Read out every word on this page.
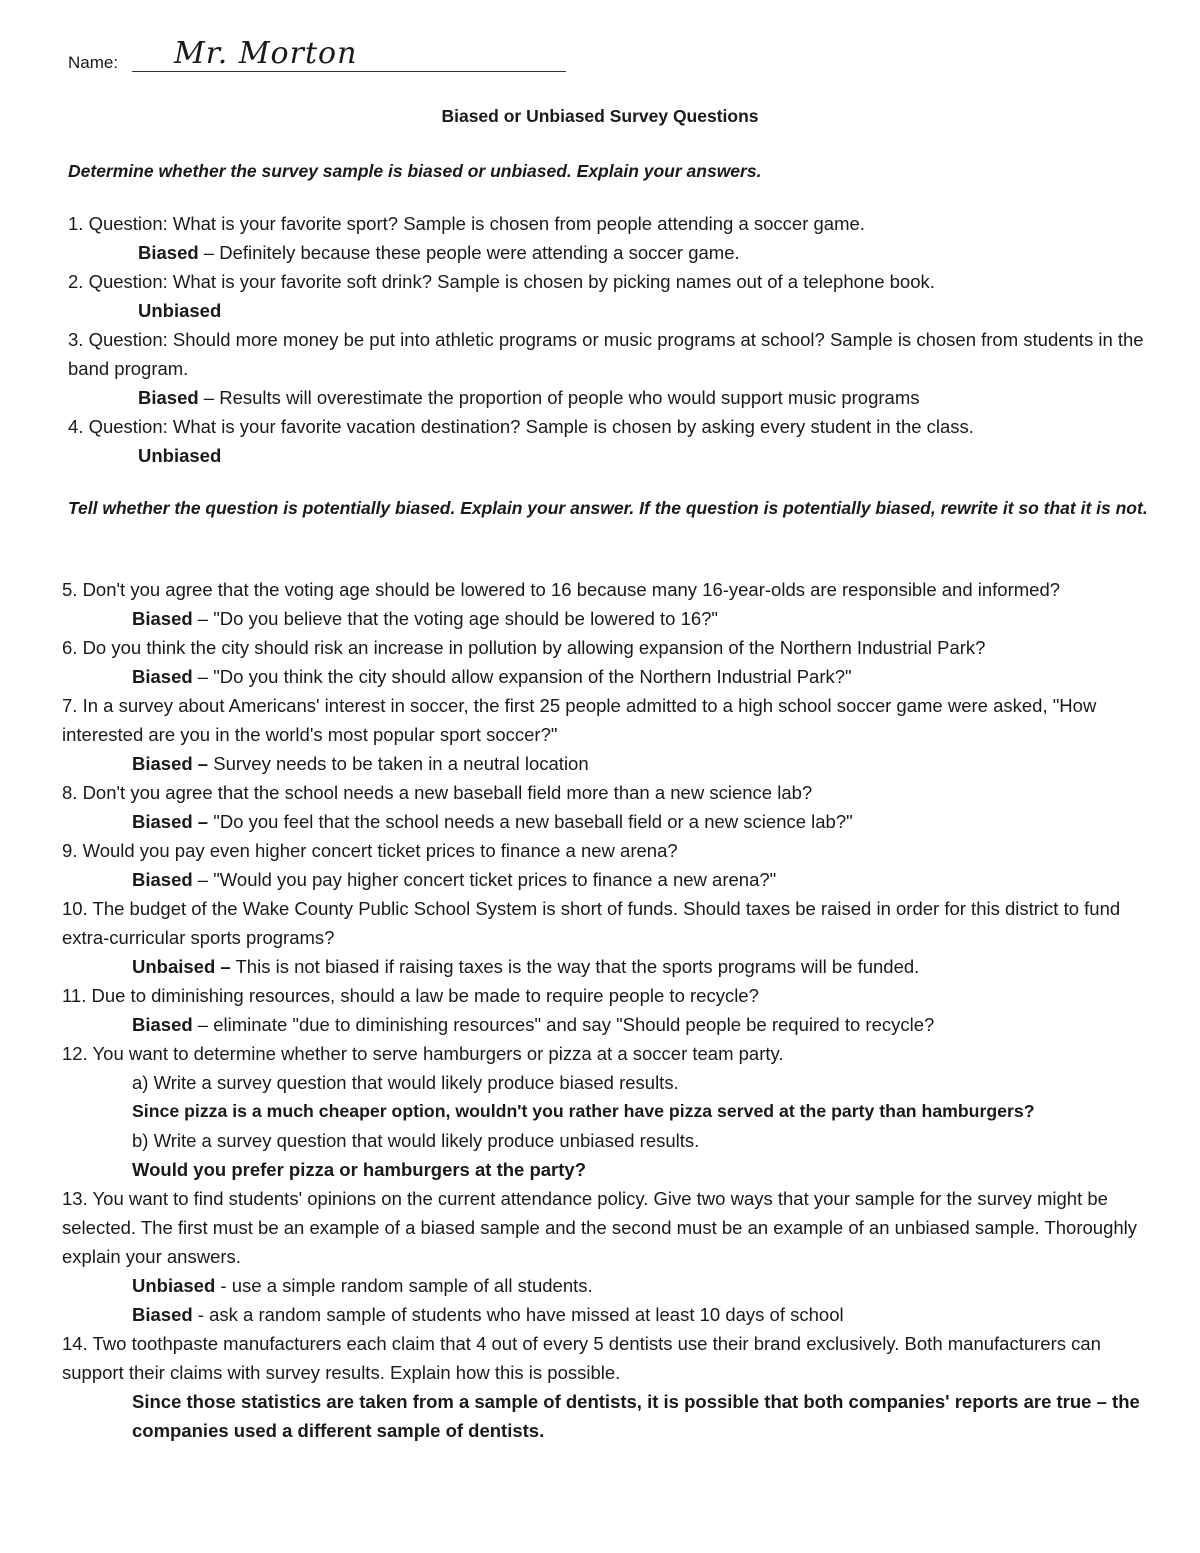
Name: Mr. Morton
Biased or Unbiased Survey Questions
Determine whether the survey sample is biased or unbiased. Explain your answers.
1. Question: What is your favorite sport? Sample is chosen from people attending a soccer game.
Biased – Definitely because these people were attending a soccer game.
2. Question: What is your favorite soft drink? Sample is chosen by picking names out of a telephone book.
Unbiased
3. Question: Should more money be put into athletic programs or music programs at school? Sample is chosen from students in the band program.
Biased – Results will overestimate the proportion of people who would support music programs
4. Question: What is your favorite vacation destination? Sample is chosen by asking every student in the class.
Unbiased
Tell whether the question is potentially biased. Explain your answer. If the question is potentially biased, rewrite it so that it is not.
5. Don't you agree that the voting age should be lowered to 16 because many 16-year-olds are responsible and informed?
Biased – "Do you believe that the voting age should be lowered to 16?"
6. Do you think the city should risk an increase in pollution by allowing expansion of the Northern Industrial Park?
Biased – "Do you think the city should allow expansion of the Northern Industrial Park?"
7. In a survey about Americans' interest in soccer, the first 25 people admitted to a high school soccer game were asked, "How interested are you in the world's most popular sport soccer?"
Biased – Survey needs to be taken in a neutral location
8. Don't you agree that the school needs a new baseball field more than a new science lab?
Biased – "Do you feel that the school needs a new baseball field or a new science lab?"
9. Would you pay even higher concert ticket prices to finance a new arena?
Biased – "Would you pay higher concert ticket prices to finance a new arena?"
10. The budget of the Wake County Public School System is short of funds. Should taxes be raised in order for this district to fund extra-curricular sports programs?
Unbaised – This is not biased if raising taxes is the way that the sports programs will be funded.
11. Due to diminishing resources, should a law be made to require people to recycle?
Biased – eliminate "due to diminishing resources" and say "Should people be required to recycle?
12. You want to determine whether to serve hamburgers or pizza at a soccer team party.
a) Write a survey question that would likely produce biased results.
Since pizza is a much cheaper option, wouldn't you rather have pizza served at the party than hamburgers?
b) Write a survey question that would likely produce unbiased results.
Would you prefer pizza or hamburgers at the party?
13. You want to find students' opinions on the current attendance policy. Give two ways that your sample for the survey might be selected. The first must be an example of a biased sample and the second must be an example of an unbiased sample. Thoroughly explain your answers.
Unbiased - use a simple random sample of all students.
Biased - ask a random sample of students who have missed at least 10 days of school
14. Two toothpaste manufacturers each claim that 4 out of every 5 dentists use their brand exclusively. Both manufacturers can support their claims with survey results. Explain how this is possible.
Since those statistics are taken from a sample of dentists, it is possible that both companies' reports are true – the companies used a different sample of dentists.
